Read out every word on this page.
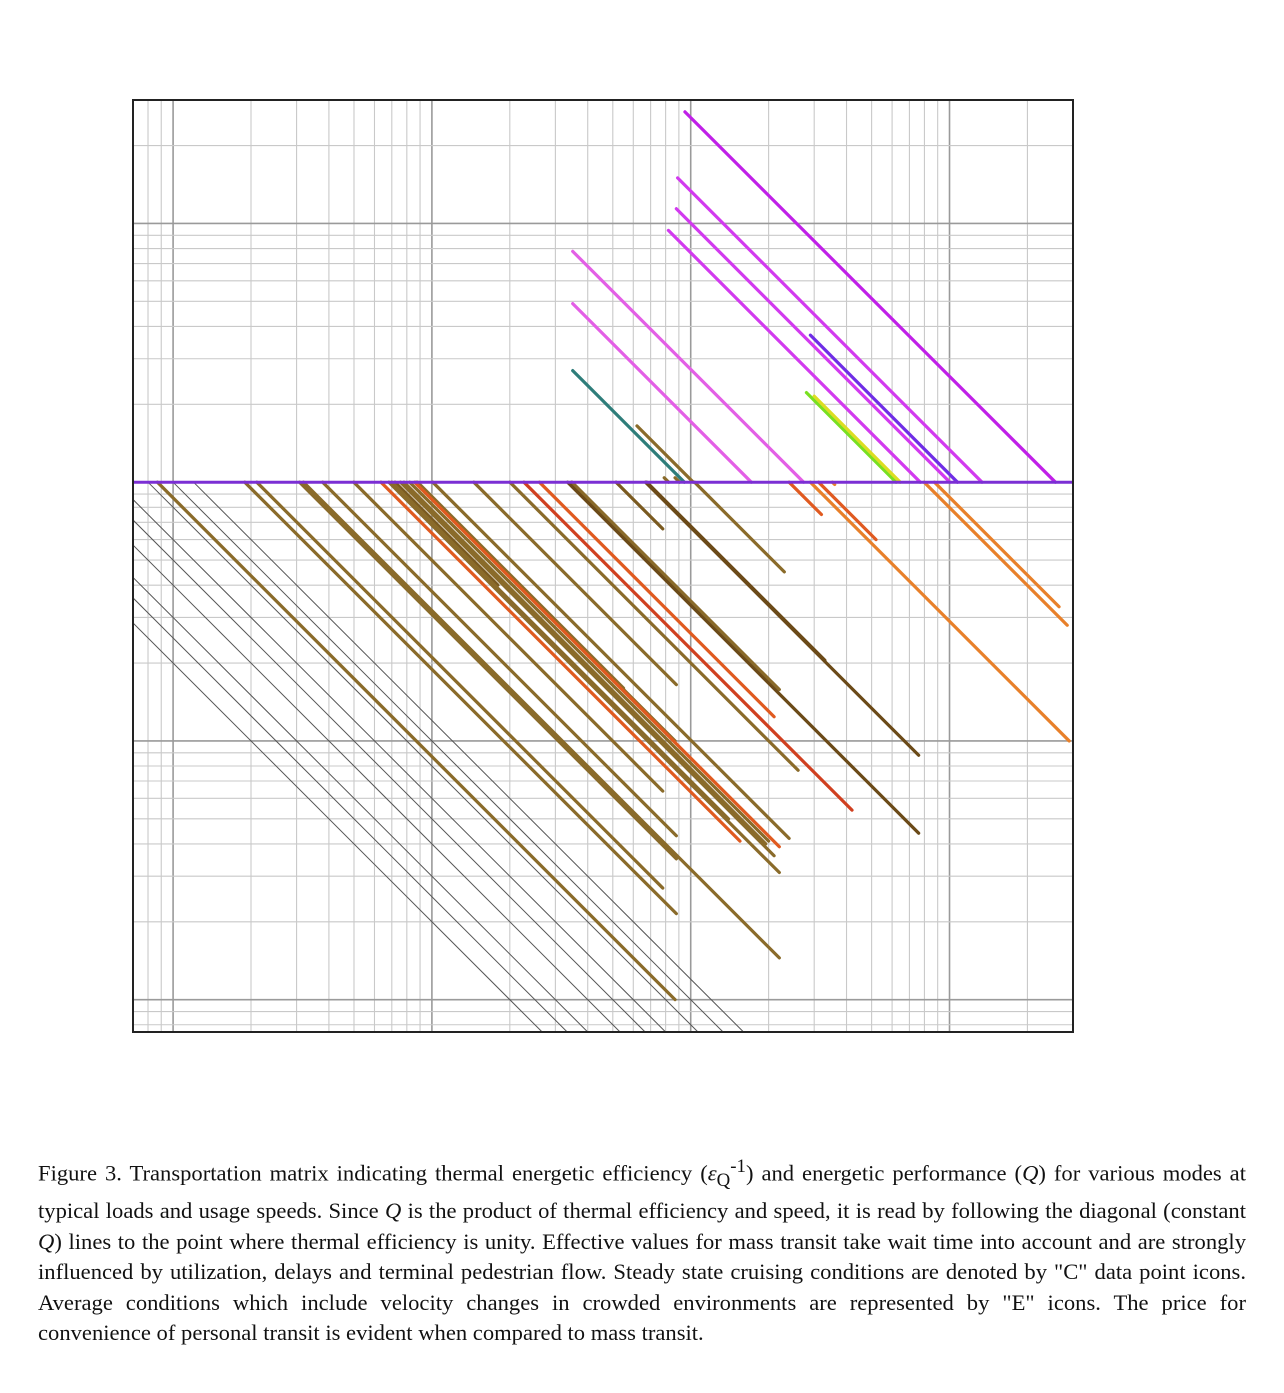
Figure 3. Transportation matrix indicating thermal energetic efficiency $(\varepsilon_Q^{-1})$ and energetic performance (Q) for various modes at typical loads and usage speeds. Since Q is the product of thermal efficiency and speed, it is read by following the diagonal (constant Q) lines to the point where thermal efficiency is unity. Effective values for mass transit take wait time into account and are strongly influenced by utilization, delays and terminal pedestrian flow. Steady state cruising conditions are denoted by "C" data point icons. Average conditions which include velocity changes in crowded environments are represented by "E" icons. The price for convenience of personal transit is evident when compared to mass transit.
